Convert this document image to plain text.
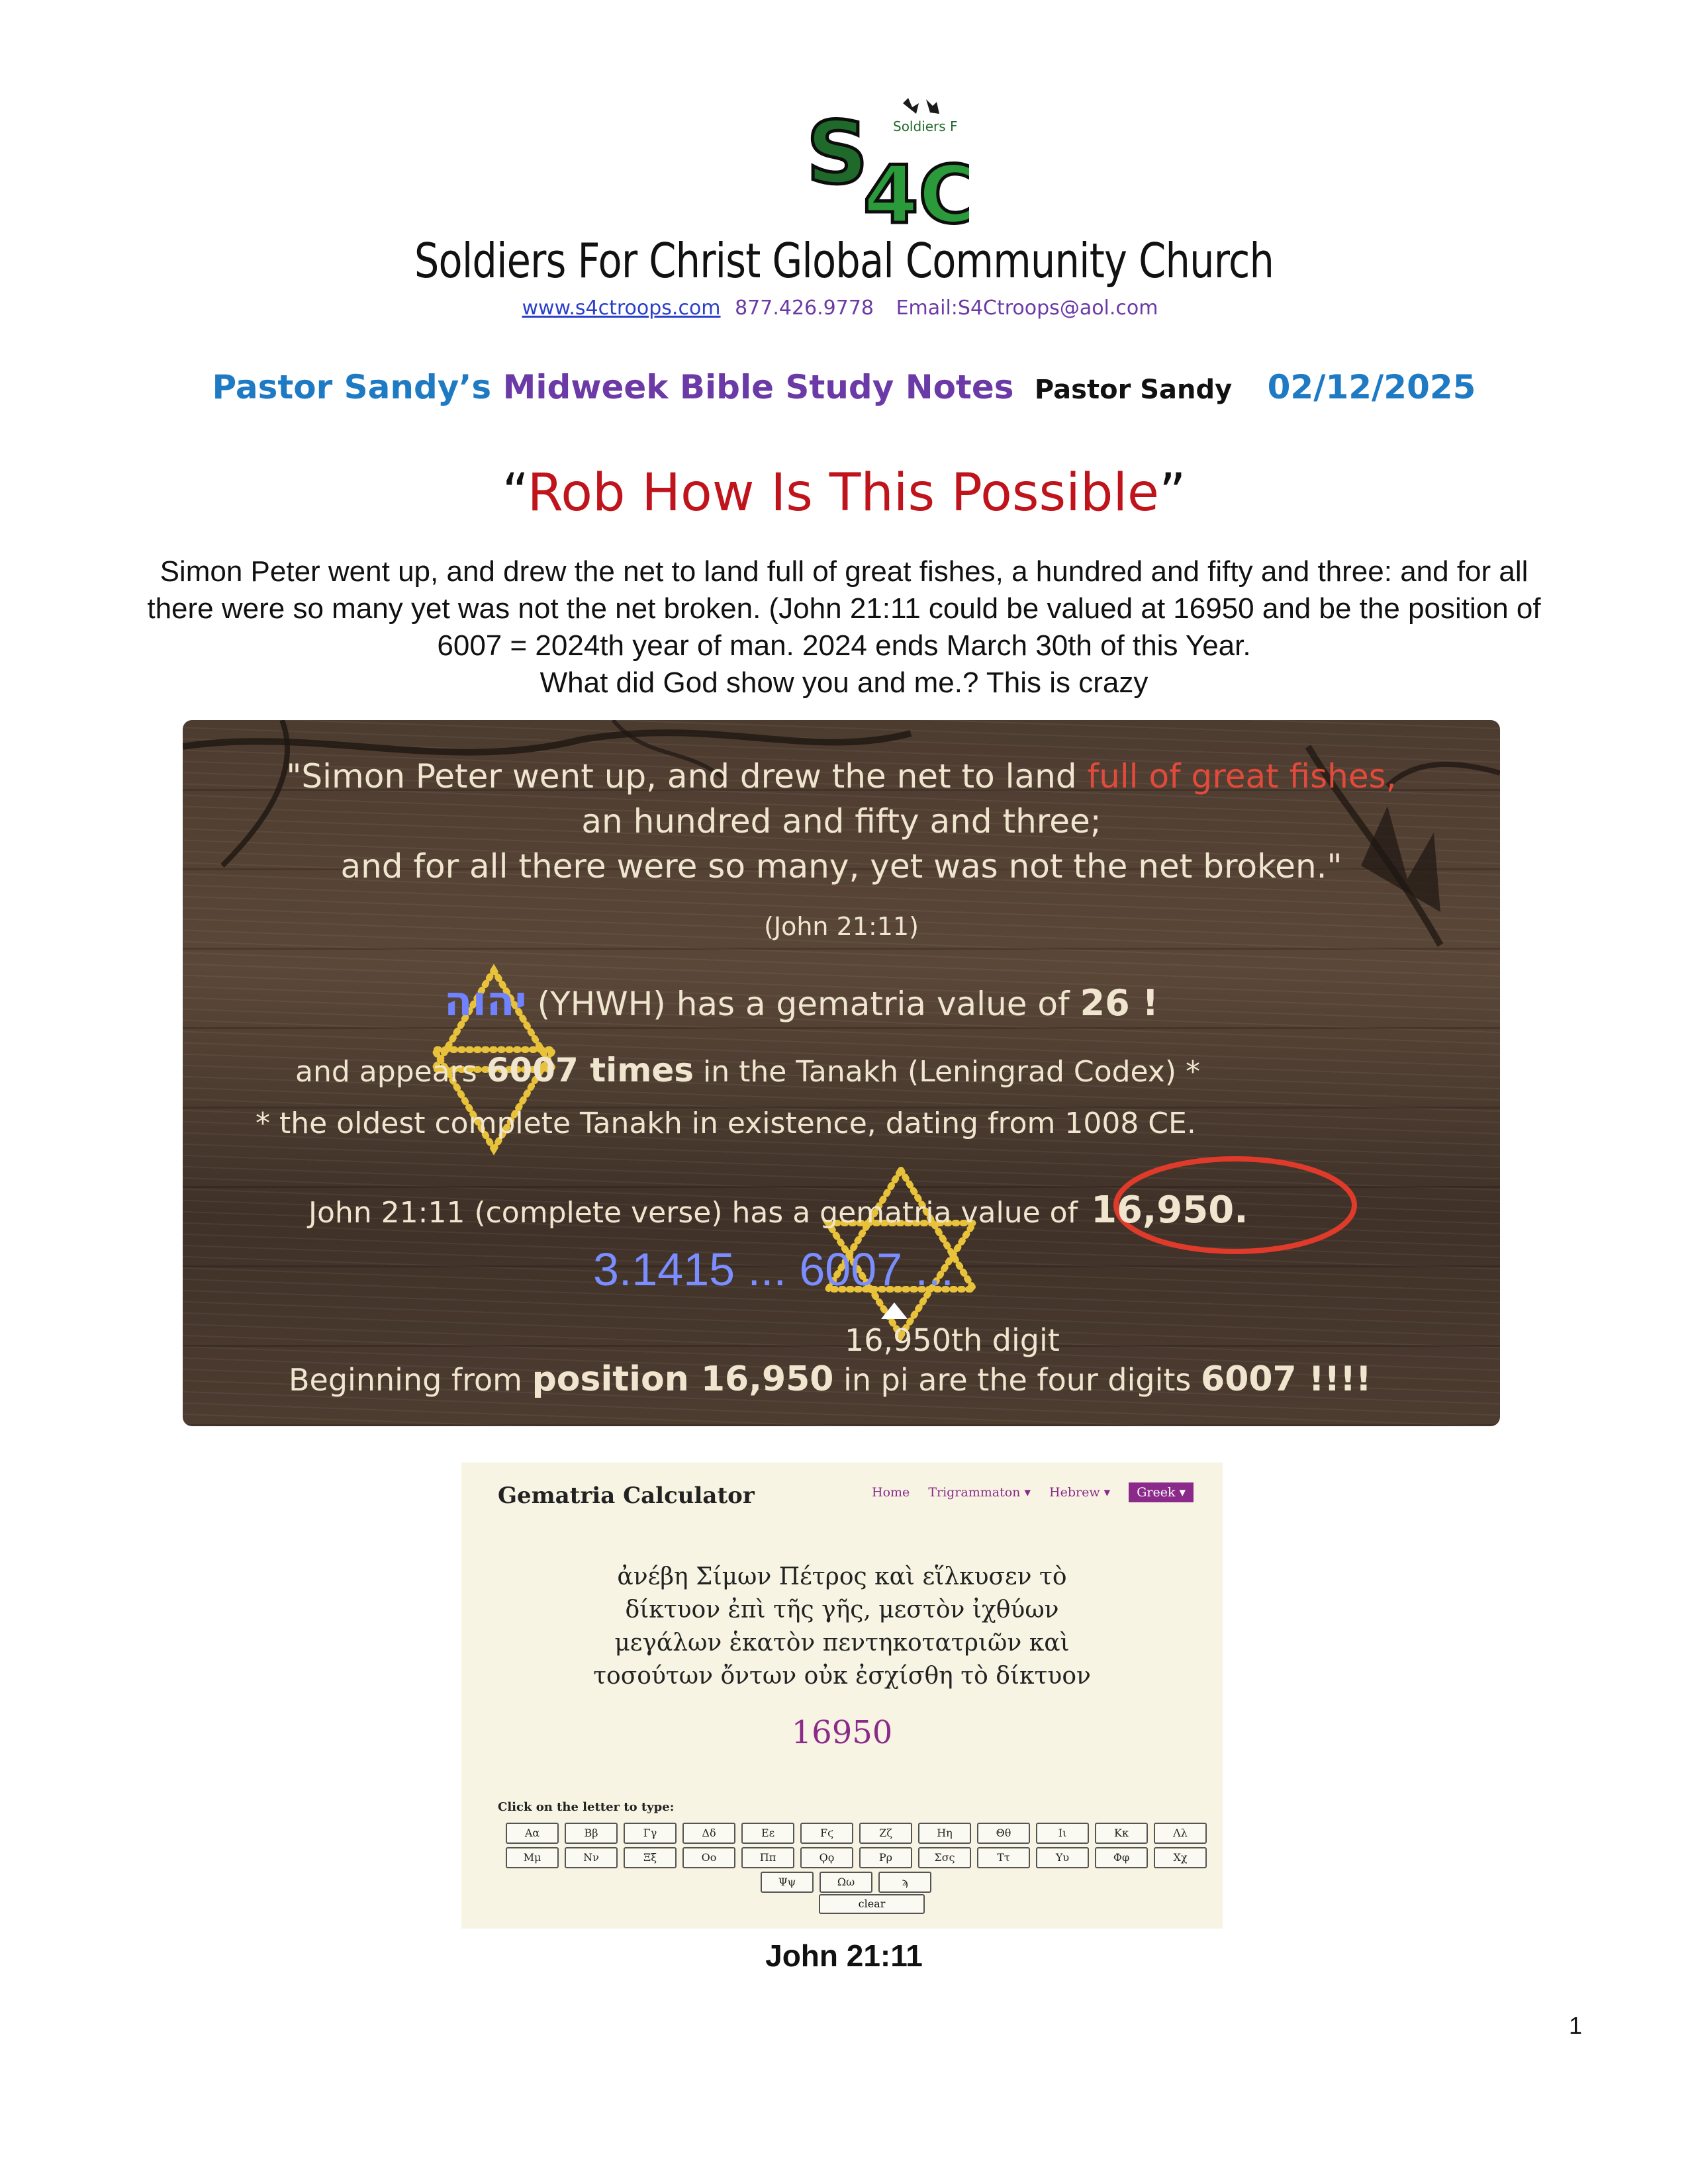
S
4C
Soldiers F
Soldiers For Christ Global Community Church
www.s4ctroops.com 877.426.9778 Email:S4Ctroops@aol.com
Pastor Sandy’s Midweek Bible Study Notes Pastor Sandy 02/12/2025
“Rob How Is This Possible”

Simon Peter went up, and drew the net to land full of great fishes, a hundred and fifty and three: and for all

there were so many yet was not the net broken. (John 21:11 could be valued at 16950 and be the position of

6007 = 2024th year of man. 2024 ends March 30th of this Year.

What did God show you and me.? This is crazy

"Simon Peter went up, and drew the net to land full of great fishes,
an hundred and fifty and three;
and for all there were so many, yet was not the net broken."
(John 21:11)
יהוה (YHWH) has a gematria value of 26 !
and appears 6007 times in the Tanakh (Leningrad Codex) *
* the oldest complete Tanakh in existence, dating from 1008 CE.
John 21:11 (complete verse) has a gematria value of 16,950.
3.1415 ... 6007 ...
16,950th digit
Beginning from position 16,950 in pi are the four digits 6007 !!!!
Gematria Calculator	Home Trigrammaton ▾ Hebrew ▾ Greek ▾

ἀνέβη Σίμων Πέτρος καὶ εἵλκυσεν τὸ

δίκτυον ἐπὶ τῆς γῆς, μεστὸν ἰχθύων

μεγάλων ἑκατὸν πεντηκοτατριῶν καὶ

τοσούτων ὄντων οὐκ ἐσχίσθη τὸ δίκτυον

16950
Click on the letter to type:
Αα	Ββ	Γγ	Δδ	Εε	Fϛ	Ζζ	Ηη	Θθ	Ιι	Κκ	Λλ
Μμ	Νν	Ξξ	Οο	Ππ	Ϙϙ	Ρρ	Σσς	Ττ	Υυ	Φφ	Χχ
Ψψ	Ωω	ϡ
clear
John 21:11
1
